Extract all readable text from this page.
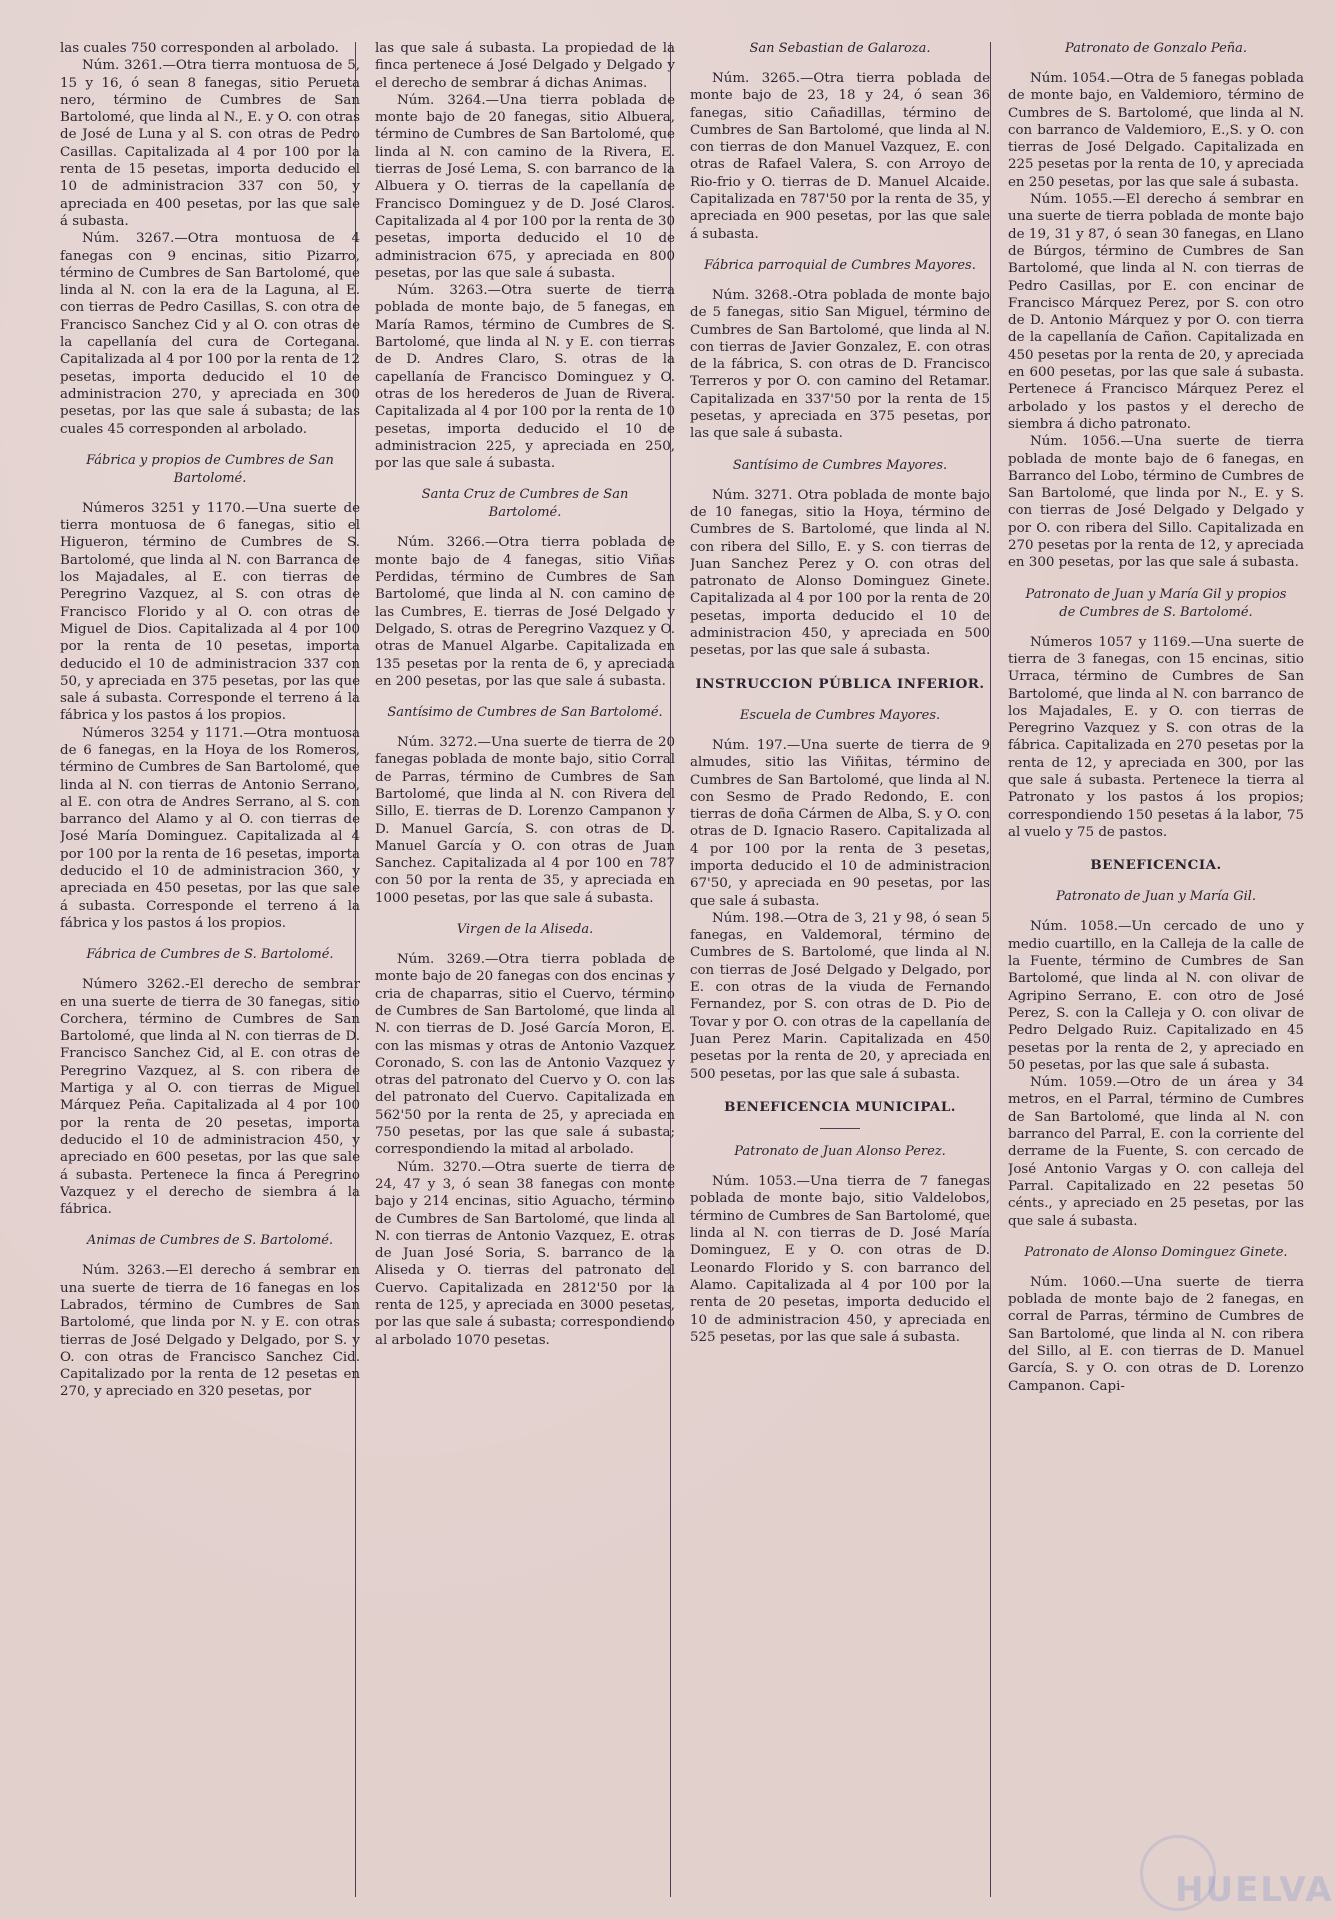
las cuales 750 corresponden al arbolado.

Núm. 3261.—Otra tierra montuosa de 5, 15 y 16, ó sean 8 fanegas, sitio Perueta nero, término de Cumbres de San Bartolomé, que linda al N., E. y O. con otras de José de Luna y al S. con otras de Pedro Casillas. Capitalizada al 4 por 100 por la renta de 15 pesetas, importa deducido el 10 de administracion 337 con 50, y apreciada en 400 pesetas, por las que sale á subasta.

Núm. 3267.—Otra montuosa de 4 fanegas con 9 encinas, sitio Pizarro, término de Cumbres de San Bartolomé, que linda al N. con la era de la Laguna, al E. con tierras de Pedro Casillas, S. con otra de Francisco Sanchez Cid y al O. con otras de la capellanía del cura de Cortegana. Capitalizada al 4 por 100 por la renta de 12 pesetas, importa deducido el 10 de administracion 270, y apreciada en 300 pesetas, por las que sale á subasta; de las cuales 45 corresponden al arbolado.

Fábrica y propios de Cumbres de San Bartolomé.

Números 3251 y 1170.—Una suerte de tierra montuosa de 6 fanegas, sitio el Higueron, término de Cumbres de S. Bartolomé, que linda al N. con Barranca de los Majadales, al E. con tierras de Peregrino Vazquez, al S. con otras de Francisco Florido y al O. con otras de Miguel de Dios. Capitalizada al 4 por 100 por la renta de 10 pesetas, importa deducido el 10 de administracion 337 con 50, y apreciada en 375 pesetas, por las que sale á subasta. Corresponde el terreno á la fábrica y los pastos á los propios.

Números 3254 y 1171.—Otra montuosa de 6 fanegas, en la Hoya de los Romeros, término de Cumbres de San Bartolomé, que linda al N. con tierras de Antonio Serrano, al E. con otra de Andres Serrano, al S. con barranco del Alamo y al O. con tierras de José María Dominguez. Capitalizada al 4 por 100 por la renta de 16 pesetas, importa deducido el 10 de administracion 360, y apreciada en 450 pesetas, por las que sale á subasta. Corresponde el terreno á la fábrica y los pastos á los propios.

Fábrica de Cumbres de S. Bartolomé.

Número 3262.-El derecho de sembrar en una suerte de tierra de 30 fanegas, sitio Corchera, término de Cumbres de San Bartolomé, que linda al N. con tierras de D. Francisco Sanchez Cid, al E. con otras de Peregrino Vazquez, al S. con ribera de Martiga y al O. con tierras de Miguel Márquez Peña. Capitalizada al 4 por 100 por la renta de 20 pesetas, importa deducido el 10 de administracion 450, y apreciado en 600 pesetas, por las que sale á subasta. Pertenece la finca á Peregrino Vazquez y el derecho de siembra á la fábrica.

Animas de Cumbres de S. Bartolomé.

Núm. 3263.—El derecho á sembrar en una suerte de tierra de 16 fanegas en los Labrados, término de Cumbres de San Bartolomé, que linda por N. y E. con otras tierras de José Delgado y Delgado, por S. y O. con otras de Francisco Sanchez Cid. Capitalizado por la renta de 12 pesetas en 270, y apreciado en 320 pesetas, por

las que sale á subasta. La propiedad de la finca pertenece á José Delgado y Delgado y el derecho de sembrar á dichas Animas.

Núm. 3264.—Una tierra poblada de monte bajo de 20 fanegas, sitio Albuera, término de Cumbres de San Bartolomé, que linda al N. con camino de la Rivera, E. tierras de José Lema, S. con barranco de la Albuera y O. tierras de la capellanía de Francisco Dominguez y de D. José Claros. Capitalizada al 4 por 100 por la renta de 30 pesetas, importa deducido el 10 de administracion 675, y apreciada en 800 pesetas, por las que sale á subasta.

Núm. 3263.—Otra suerte de tierra poblada de monte bajo, de 5 fanegas, en María Ramos, término de Cumbres de S. Bartolomé, que linda al N. y E. con tierras de D. Andres Claro, S. otras de la capellanía de Francisco Dominguez y O. otras de los herederos de Juan de Rivera. Capitalizada al 4 por 100 por la renta de 10 pesetas, importa deducido el 10 de administracion 225, y apreciada en 250, por las que sale á subasta.

Santa Cruz de Cumbres de San Bartolomé.

Núm. 3266.—Otra tierra poblada de monte bajo de 4 fanegas, sitio Viñas Perdidas, término de Cumbres de San Bartolomé, que linda al N. con camino de las Cumbres, E. tierras de José Delgado y Delgado, S. otras de Peregrino Vazquez y O. otras de Manuel Algarbe. Capitalizada en 135 pesetas por la renta de 6, y apreciada en 200 pesetas, por las que sale á subasta.

Santísimo de Cumbres de San Bartolomé.

Núm. 3272.—Una suerte de tierra de 20 fanegas poblada de monte bajo, sitio Corral de Parras, término de Cumbres de San Bartolomé, que linda al N. con Rivera del Sillo, E. tierras de D. Lorenzo Campanon y D. Manuel García, S. con otras de D. Manuel García y O. con otras de Juan Sanchez. Capitalizada al 4 por 100 en 787 con 50 por la renta de 35, y apreciada en 1000 pesetas, por las que sale á subasta.

Virgen de la Aliseda.

Núm. 3269.—Otra tierra poblada de monte bajo de 20 fanegas con dos encinas y cria de chaparras, sitio el Cuervo, término de Cumbres de San Bartolomé, que linda al N. con tierras de D. José García Moron, E. con las mismas y otras de Antonio Vazquez Coronado, S. con las de Antonio Vazquez y otras del patronato del Cuervo y O. con las del patronato del Cuervo. Capitalizada en 562'50 por la renta de 25, y apreciada en 750 pesetas, por las que sale á subasta; correspondiendo la mitad al arbolado.

Núm. 3270.—Otra suerte de tierra de 24, 47 y 3, ó sean 38 fanegas con monte bajo y 214 encinas, sitio Aguacho, término de Cumbres de San Bartolomé, que linda al N. con tierras de Antonio Vazquez, E. otras de Juan José Soria, S. barranco de la Aliseda y O. tierras del patronato del Cuervo. Capitalizada en 2812'50 por la renta de 125, y apreciada en 3000 pesetas, por las que sale á subasta; correspondiendo al arbolado 1070 pesetas.

San Sebastian de Galaroza.

Núm. 3265.—Otra tierra poblada de monte bajo de 23, 18 y 24, ó sean 36 fanegas, sitio Cañadillas, término de Cumbres de San Bartolomé, que linda al N. con tierras de don Manuel Vazquez, E. con otras de Rafael Valera, S. con Arroyo de Rio-frio y O. tierras de D. Manuel Alcaide. Capitalizada en 787'50 por la renta de 35, y apreciada en 900 pesetas, por las que sale á subasta.

Fábrica parroquial de Cumbres Mayores.

Núm. 3268.-Otra poblada de monte bajo de 5 fanegas, sitio San Miguel, término de Cumbres de San Bartolomé, que linda al N. con tierras de Javier Gonzalez, E. con otras de la fábrica, S. con otras de D. Francisco Terreros y por O. con camino del Retamar. Capitalizada en 337'50 por la renta de 15 pesetas, y apreciada en 375 pesetas, por las que sale á subasta.

Santísimo de Cumbres Mayores.

Núm. 3271. Otra poblada de monte bajo de 10 fanegas, sitio la Hoya, término de Cumbres de S. Bartolomé, que linda al N. con ribera del Sillo, E. y S. con tierras de Juan Sanchez Perez y O. con otras del patronato de Alonso Dominguez Ginete. Capitalizada al 4 por 100 por la renta de 20 pesetas, importa deducido el 10 de administracion 450, y apreciada en 500 pesetas, por las que sale á subasta.

INSTRUCCION PÚBLICA INFERIOR.

Escuela de Cumbres Mayores.

Núm. 197.—Una suerte de tierra de 9 almudes, sitio las Viñitas, término de Cumbres de San Bartolomé, que linda al N. con Sesmo de Prado Redondo, E. con tierras de doña Cármen de Alba, S. y O. con otras de D. Ignacio Rasero. Capitalizada al 4 por 100 por la renta de 3 pesetas, importa deducido el 10 de administracion 67'50, y apreciada en 90 pesetas, por las que sale á subasta.

Núm. 198.—Otra de 3, 21 y 98, ó sean 5 fanegas, en Valdemoral, término de Cumbres de S. Bartolomé, que linda al N. con tierras de José Delgado y Delgado, por E. con otras de la viuda de Fernando Fernandez, por S. con otras de D. Pio de Tovar y por O. con otras de la capellanía de Juan Perez Marin. Capitalizada en 450 pesetas por la renta de 20, y apreciada en 500 pesetas, por las que sale á subasta.

BENEFICENCIA MUNICIPAL.

Patronato de Juan Alonso Perez.

Núm. 1053.—Una tierra de 7 fanegas poblada de monte bajo, sitio Valdelobos, término de Cumbres de San Bartolomé, que linda al N. con tierras de D. José María Dominguez, E y O. con otras de D. Leonardo Florido y S. con barranco del Alamo. Capitalizada al 4 por 100 por la renta de 20 pesetas, importa deducido el 10 de administracion 450, y apreciada en 525 pesetas, por las que sale á subasta.

Patronato de Gonzalo Peña.

Núm. 1054.—Otra de 5 fanegas poblada de monte bajo, en Valdemioro, término de Cumbres de S. Bartolomé, que linda al N. con barranco de Valdemioro, E.,S. y O. con tierras de José Delgado. Capitalizada en 225 pesetas por la renta de 10, y apreciada en 250 pesetas, por las que sale á subasta.

Núm. 1055.—El derecho á sembrar en una suerte de tierra poblada de monte bajo de 19, 31 y 87, ó sean 30 fanegas, en Llano de Búrgos, término de Cumbres de San Bartolomé, que linda al N. con tierras de Pedro Casillas, por E. con encinar de Francisco Márquez Perez, por S. con otro de D. Antonio Márquez y por O. con tierra de la capellanía de Cañon. Capitalizada en 450 pesetas por la renta de 20, y apreciada en 600 pesetas, por las que sale á subasta. Pertenece á Francisco Márquez Perez el arbolado y los pastos y el derecho de siembra á dicho patronato.

Núm. 1056.—Una suerte de tierra poblada de monte bajo de 6 fanegas, en Barranco del Lobo, término de Cumbres de San Bartolomé, que linda por N., E. y S. con tierras de José Delgado y Delgado y por O. con ribera del Sillo. Capitalizada en 270 pesetas por la renta de 12, y apreciada en 300 pesetas, por las que sale á subasta.

Patronato de Juan y María Gil y propios de Cumbres de S. Bartolomé.

Números 1057 y 1169.—Una suerte de tierra de 3 fanegas, con 15 encinas, sitio Urraca, término de Cumbres de San Bartolomé, que linda al N. con barranco de los Majadales, E. y O. con tierras de Peregrino Vazquez y S. con otras de la fábrica. Capitalizada en 270 pesetas por la renta de 12, y apreciada en 300, por las que sale á subasta. Pertenece la tierra al Patronato y los pastos á los propios; correspondiendo 150 pesetas á la labor, 75 al vuelo y 75 de pastos.

BENEFICENCIA.

Patronato de Juan y María Gil.

Núm. 1058.—Un cercado de uno y medio cuartillo, en la Calleja de la calle de la Fuente, término de Cumbres de San Bartolomé, que linda al N. con olivar de Agripino Serrano, E. con otro de José Perez, S. con la Calleja y O. con olivar de Pedro Delgado Ruiz. Capitalizado en 45 pesetas por la renta de 2, y apreciado en 50 pesetas, por las que sale á subasta.

Núm. 1059.—Otro de un área y 34 metros, en el Parral, término de Cumbres de San Bartolomé, que linda al N. con barranco del Parral, E. con la corriente del derrame de la Fuente, S. con cercado de José Antonio Vargas y O. con calleja del Parral. Capitalizado en 22 pesetas 50 cénts., y apreciado en 25 pesetas, por las que sale á subasta.

Patronato de Alonso Dominguez Ginete.

Núm. 1060.—Una suerte de tierra poblada de monte bajo de 2 fanegas, en corral de Parras, término de Cumbres de San Bartolomé, que linda al N. con ribera del Sillo, al E. con tierras de D. Manuel García, S. y O. con otras de D. Lorenzo Campanon. Capi-

HUELVA
